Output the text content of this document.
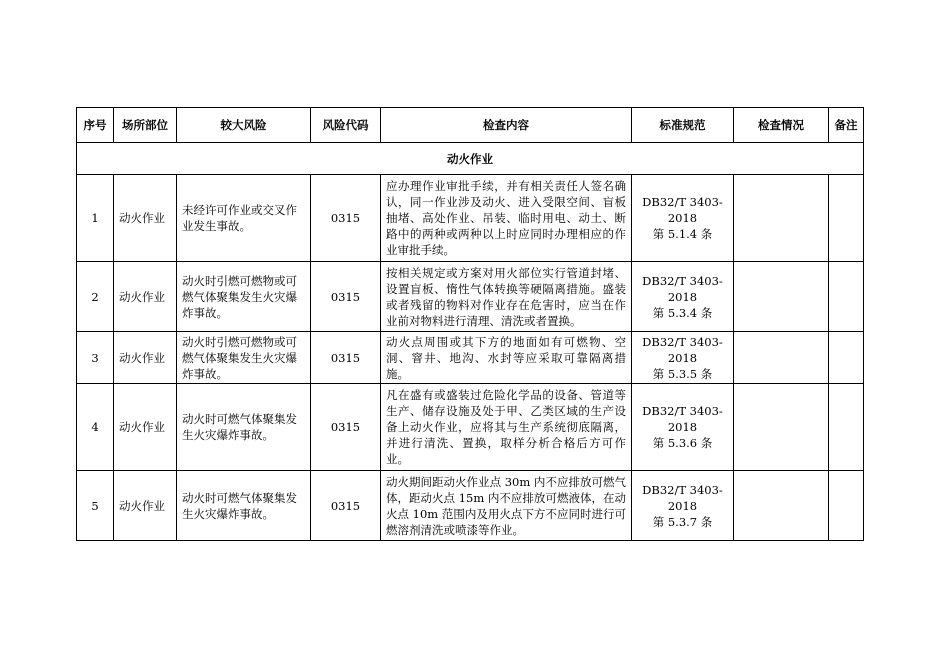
序号	场所部位	较大风险	风险代码	检查内容	标准规范	检查情况	备注
动火作业							
1	动火作业	未经许可作业或交叉作业发生事故。	0315	应办理作业审批手续，并有相关责任人签名确认，同一作业涉及动火、进入受限空间、盲板抽堵、高处作业、吊装、临时用电、动土、断路中的两种或两种以上时应同时办理相应的作业审批手续。	DB32/T 3403-
2018
第 5.1.4 条		

2	动火作业	动火时引燃可燃物或可燃气体聚集发生火灾爆炸事故。	0315	按相关规定或方案对用火部位实行管道封堵、设置盲板、惰性气体转换等硬隔离措施。盛装或者残留的物料对作业存在危害时，应当在作业前对物料进行清理、清洗或者置换。	DB32/T 3403-
2018
第 5.3.4 条		

3	动火作业	动火时引燃可燃物或可燃气体聚集发生火灾爆炸事故。	0315	动火点周围或其下方的地面如有可燃物、空洞、窨井、地沟、水封等应采取可靠隔离措施。	DB32/T 3403-
2018
第 5.3.5 条		

4	动火作业	动火时可燃气体聚集发生火灾爆炸事故。	0315	凡在盛有或盛装过危险化学品的设备、管道等生产、储存设施及处于甲、乙类区域的生产设备上动火作业，应将其与生产系统彻底隔离，并进行清洗、置换，取样分析合格后方可作业。	DB32/T 3403-
2018
第 5.3.6 条		

5	动火作业	动火时可燃气体聚集发生火灾爆炸事故。	0315	动火期间距动火作业点 30m 内不应排放可燃气体，距动火点 15m 内不应排放可燃液体，在动火点 10m 范围内及用火点下方不应同时进行可燃溶剂清洗或喷漆等作业。	DB32/T 3403-
2018
第 5.3.7 条		
